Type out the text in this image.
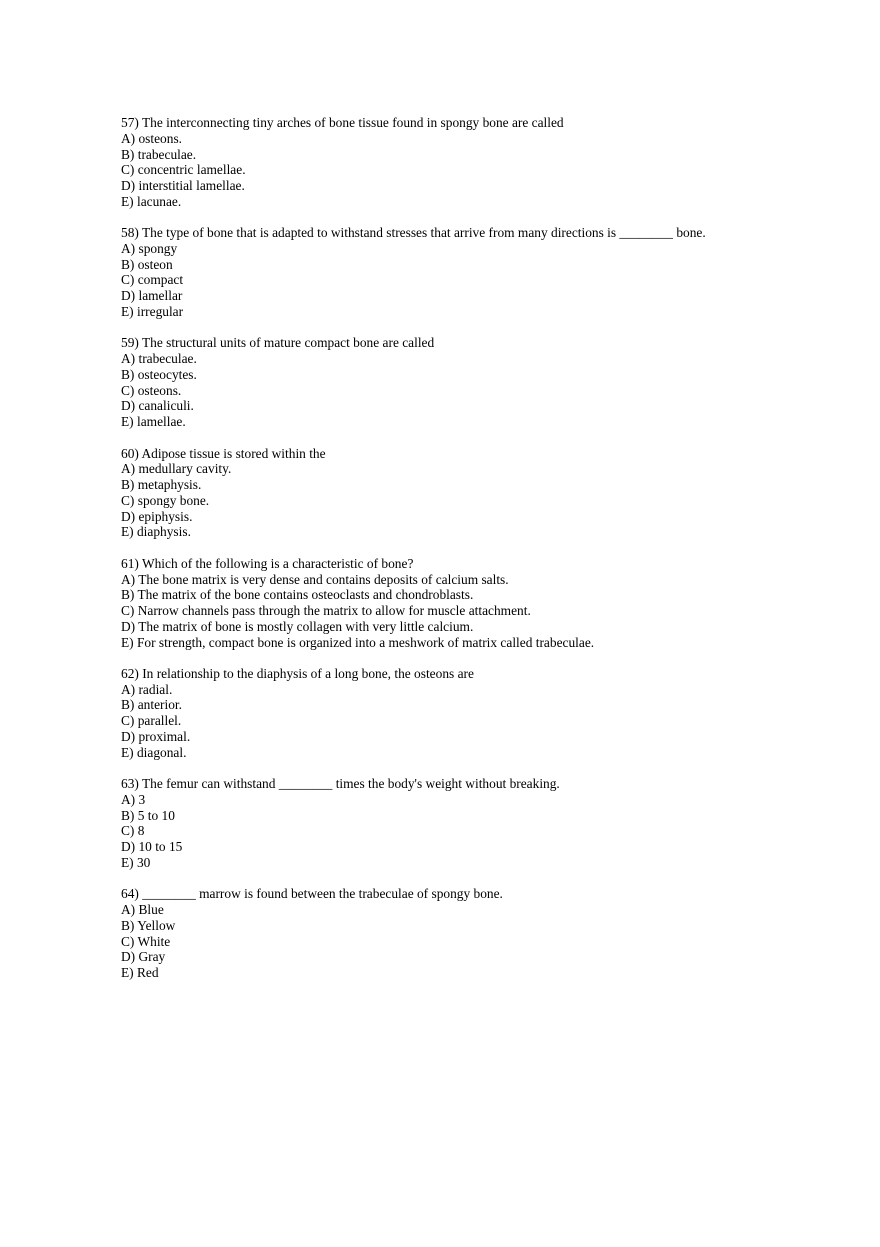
57) The interconnecting tiny arches of bone tissue found in spongy bone are called
A) osteons.
B) trabeculae.
C) concentric lamellae.
D) interstitial lamellae.
E) lacunae.
58) The type of bone that is adapted to withstand stresses that arrive from many directions is ________ bone.
A) spongy
B) osteon
C) compact
D) lamellar
E) irregular
59) The structural units of mature compact bone are called
A) trabeculae.
B) osteocytes.
C) osteons.
D) canaliculi.
E) lamellae.
60) Adipose tissue is stored within the
A) medullary cavity.
B) metaphysis.
C) spongy bone.
D) epiphysis.
E) diaphysis.
61) Which of the following is a characteristic of bone?
A) The bone matrix is very dense and contains deposits of calcium salts.
B) The matrix of the bone contains osteoclasts and chondroblasts.
C) Narrow channels pass through the matrix to allow for muscle attachment.
D) The matrix of bone is mostly collagen with very little calcium.
E) For strength, compact bone is organized into a meshwork of matrix called trabeculae.
62) In relationship to the diaphysis of a long bone, the osteons are
A) radial.
B) anterior.
C) parallel.
D) proximal.
E) diagonal.
63) The femur can withstand ________ times the body's weight without breaking.
A) 3
B) 5 to 10
C) 8
D) 10 to 15
E) 30
64) ________ marrow is found between the trabeculae of spongy bone.
A) Blue
B) Yellow
C) White
D) Gray
E) Red
